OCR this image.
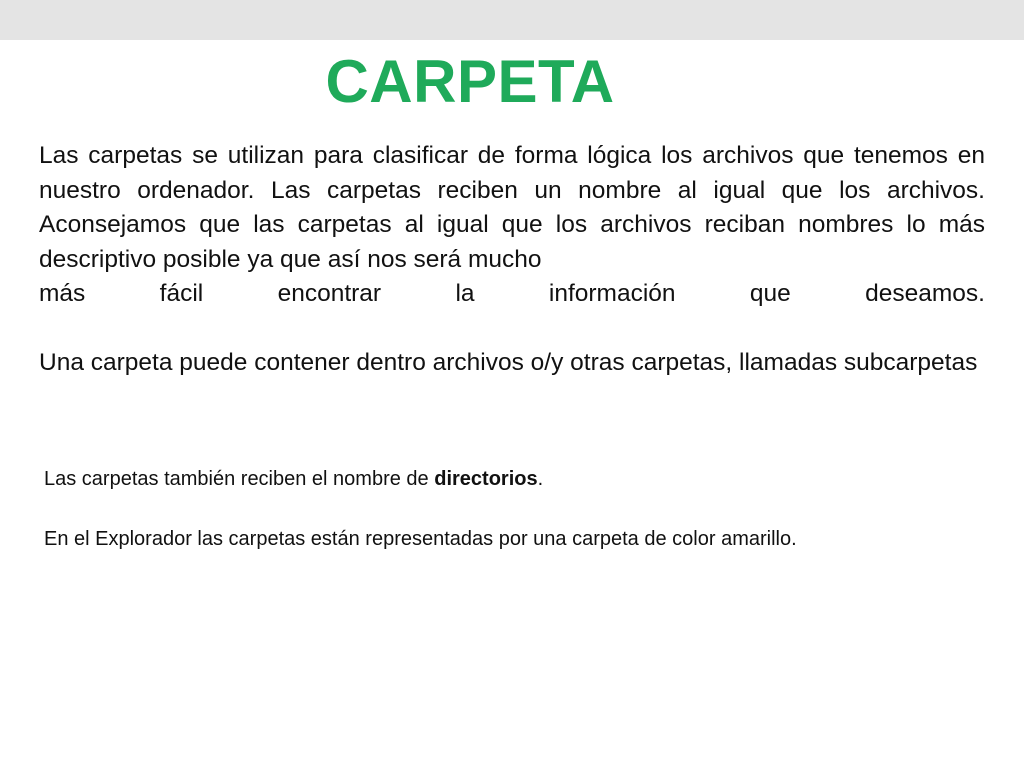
CARPETA

Las carpetas se utilizan para clasificar de forma lógica los archivos que tenemos en nuestro ordenador. Las carpetas reciben un nombre al igual que los archivos. Aconsejamos que las carpetas al igual que los archivos reciban nombres lo más descriptivo posible ya que así nos será mucho

más fácil encontrar la información que deseamos.

Una carpeta puede contener dentro archivos o/y otras carpetas, llamadas subcarpetas

Las carpetas también reciben el nombre de directorios.

En el Explorador las carpetas están representadas por una carpeta de color amarillo.
